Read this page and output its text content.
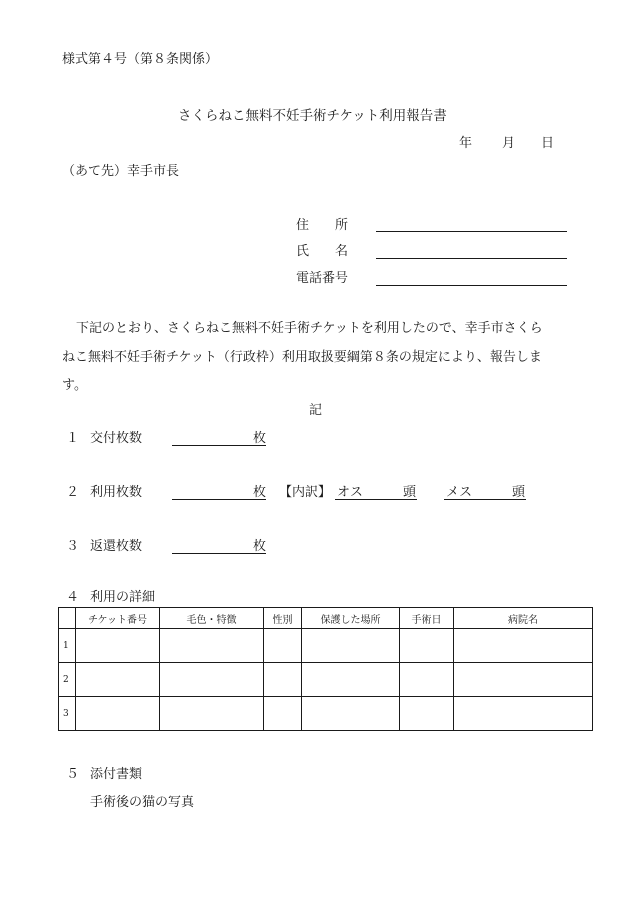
様式第４号（第８条関係）
さくらねこ無料不妊手術チケット利用報告書
年 月 日
（あて先）幸手市長
住　　所
氏　　名
電話番号
下記のとおり、さくらねこ無料不妊手術チケットを利用したので、幸手市さくら
ねこ無料不妊手術チケット（行政枠）利用取扱要綱第８条の規定により、報告しま
す。
記
１ 交付枚数	枚
２ 利用枚数	枚 【内訳】 オス	頭 メス	頭
３ 返還枚数	枚
４ 利用の詳細
	チケット番号	毛色・特徴	性別	保護した場所	手術日	病院名
1						
2						
3						
５ 添付書類
手術後の猫の写真
